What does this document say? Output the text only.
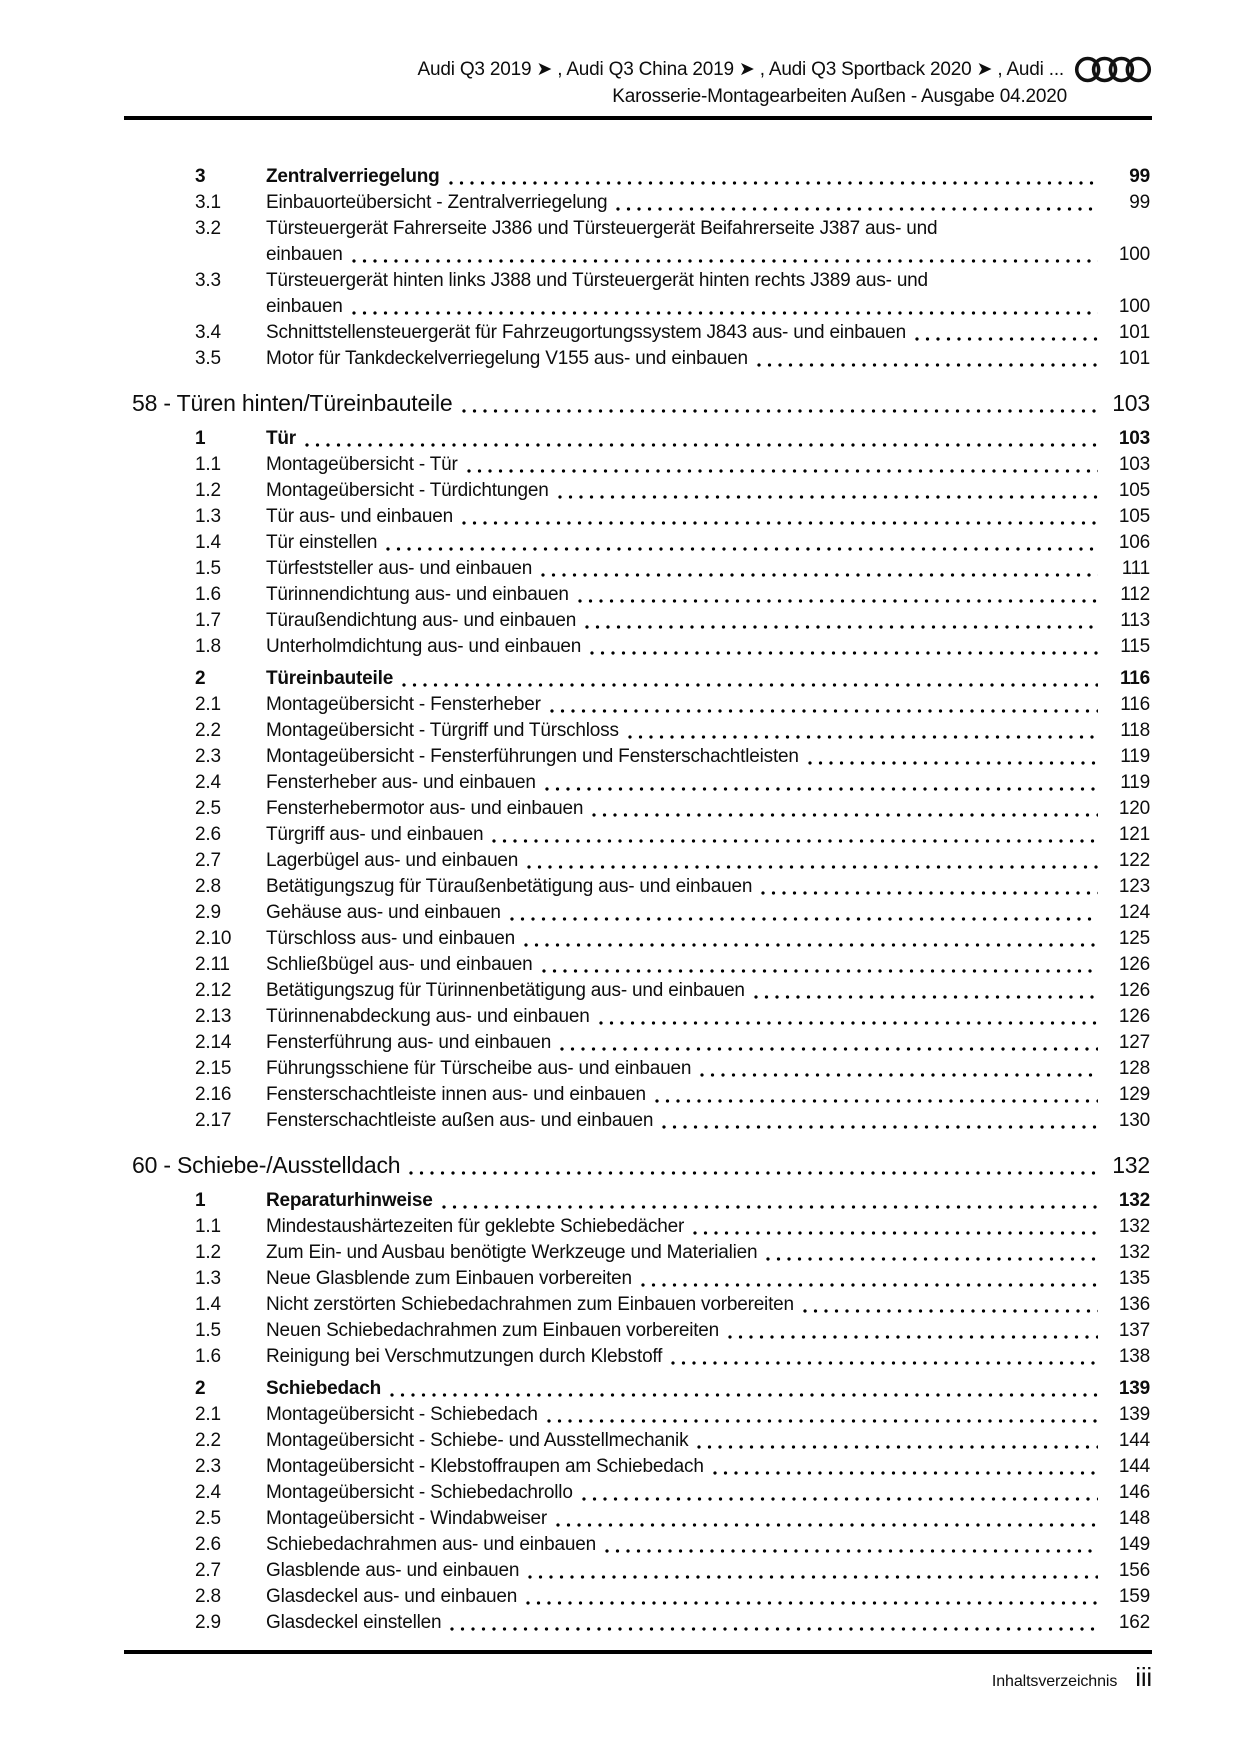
Audi Q3 2019 ➤ , Audi Q3 China 2019 ➤ , Audi Q3 Sportback 2020 ➤ , Audi ...
Karosserie-Montagearbeiten Außen - Ausgabe 04.2020
3	Zentralverriegelung	99
3.1	Einbauorteübersicht - Zentralverriegelung	99
3.2	Türsteuergerät Fahrerseite J386 und Türsteuergerät Beifahrerseite J387 aus- und
einbauen	100
3.3	Türsteuergerät hinten links J388 und Türsteuergerät hinten rechts J389 aus- und
einbauen	100
3.4	Schnittstellensteuergerät für Fahrzeugortungssystem J843 aus- und einbauen	101
3.5	Motor für Tankdeckelverriegelung V155 aus- und einbauen	101
58 - Türen hinten/Türeinbauteile	103
1	Tür	103
1.1	Montageübersicht - Tür	103
1.2	Montageübersicht - Türdichtungen	105
1.3	Tür aus- und einbauen	105
1.4	Tür einstellen	106
1.5	Türfeststeller aus- und einbauen	111
1.6	Türinnendichtung aus- und einbauen	112
1.7	Türaußendichtung aus- und einbauen	113
1.8	Unterholmdichtung aus- und einbauen	115
2	Türeinbauteile	116
2.1	Montageübersicht - Fensterheber	116
2.2	Montageübersicht - Türgriff und Türschloss	118
2.3	Montageübersicht - Fensterführungen und Fensterschachtleisten	119
2.4	Fensterheber aus- und einbauen	119
2.5	Fensterhebermotor aus- und einbauen	120
2.6	Türgriff aus- und einbauen	121
2.7	Lagerbügel aus- und einbauen	122
2.8	Betätigungszug für Türaußenbetätigung aus- und einbauen	123
2.9	Gehäuse aus- und einbauen	124
2.10	Türschloss aus- und einbauen	125
2.11	Schließbügel aus- und einbauen	126
2.12	Betätigungszug für Türinnenbetätigung aus- und einbauen	126
2.13	Türinnenabdeckung aus- und einbauen	126
2.14	Fensterführung aus- und einbauen	127
2.15	Führungsschiene für Türscheibe aus- und einbauen	128
2.16	Fensterschachtleiste innen aus- und einbauen	129
2.17	Fensterschachtleiste außen aus- und einbauen	130
60 - Schiebe-/Ausstelldach	132
1	Reparaturhinweise	132
1.1	Mindestaushärtezeiten für geklebte Schiebedächer	132
1.2	Zum Ein- und Ausbau benötigte Werkzeuge und Materialien	132
1.3	Neue Glasblende zum Einbauen vorbereiten	135
1.4	Nicht zerstörten Schiebedachrahmen zum Einbauen vorbereiten	136
1.5	Neuen Schiebedachrahmen zum Einbauen vorbereiten	137
1.6	Reinigung bei Verschmutzungen durch Klebstoff	138
2	Schiebedach	139
2.1	Montageübersicht - Schiebedach	139
2.2	Montageübersicht - Schiebe- und Ausstellmechanik	144
2.3	Montageübersicht - Klebstoffraupen am Schiebedach	144
2.4	Montageübersicht - Schiebedachrollo	146
2.5	Montageübersicht - Windabweiser	148
2.6	Schiebedachrahmen aus- und einbauen	149
2.7	Glasblende aus- und einbauen	156
2.8	Glasdeckel aus- und einbauen	159
2.9	Glasdeckel einstellen	162
Inhaltsverzeichnis iii
